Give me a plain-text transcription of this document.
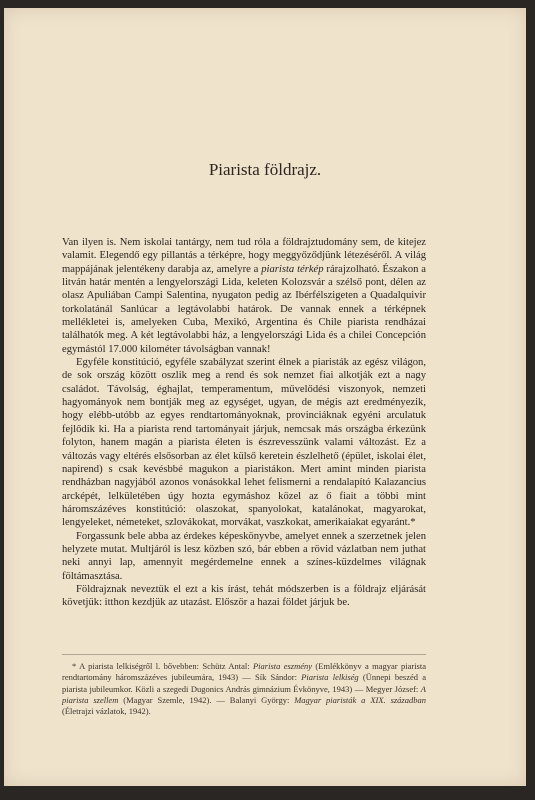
Piarista földrajz.

Van ilyen is. Nem iskolai tantárgy, nem tud róla a földrajztudomány sem, de kitejez valamit. Elegendő egy pillantás a térképre, hogy meggyőződjünk létezéséről. A világ mappájának jelentékeny darabja az, amelyre a piarista térkép rárajzolható. Északon a litván határ mentén a lengyelországi Lida, keleten Kolozsvár a szélső pont, délen az olasz Apuliában Campi Salentina, nyugaton pedig az Ibérfélszigeten a Quadalquivir torkolatánál Sanlúcar a legtávolabbi határok. De vannak ennek a térképnek mellékletei is, amelyeken Cuba, Mexikó, Argentina és Chile piarista rendházai találhatók meg. A két legtávolabbi ház, a lengyelországi Lida és a chilei Concepción egymástól 17.000 kilométer távolságban vannak!

Egyféle konstitúció, egyféle szabályzat szerint élnek a piaristák az egész világon, de sok ország között oszlik meg a rend és sok nemzet fiai alkotják ezt a nagy családot. Távolság, éghajlat, temperamentum, művelődési viszonyok, nemzeti hagyományok nem bontják meg az egységet, ugyan, de mégis azt eredményezik, hogy elébb-utóbb az egyes rendtartományoknak, provinciáknak egyéni arculatuk fejlődik ki. Ha a piarista rend tartományait járjuk, nemcsak más országba érkezünk folyton, hanem magán a piarista életen is észrevesszünk valami változást. Ez a változás vagy eltérés elsősorban az élet külső keretein észlelhető (épület, iskolai élet, napirend) s csak kevésbbé magukon a piaristákon. Mert amint minden piarista rendházban nagyjából azonos vonásokkal lehet felismerni a rendalapító Kalazancius arcképét, lelkületében úgy hozta egymáshoz közel az ő fiait a többi mint háromszázéves konstitúció: olaszokat, spanyolokat, katalánokat, magyarokat, lengyeleket, németeket, szlovákokat, morvákat, vaszkokat, amerikaiakat egyaránt.*

Forgassunk bele abba az érdekes képeskönyvbe, amelyet ennek a szerzetnek jelen helyzete mutat. Multjáról is lesz közben szó, bár ebben a rövid vázlatban nem juthat neki annyi lap, amennyit megérdemelne ennek a színes-küzdelmes világnak föltámasztása.

Földrajznak neveztük el ezt a kis írást, tehát módszerben is a földrajz eljárását követjük: itthon kezdjük az utazást. Először a hazai földet járjuk be.

* A piarista lelkiségről l. bővebben: Schütz Antal: Piarista eszmény (Emlékkönyv a magyar piarista rendtartomány háromszázéves jubileumára, 1943) — Sík Sándor: Piarista lelkiség (Ünnepi beszéd a piarista jubileumkor. Közli a szegedi Dugonics András gimnázium Évkönyve, 1943) — Megyer József: A piarista szellem (Magyar Szemle, 1942). — Balanyi György: Magyar piaristák a XIX. században (Életrajzi vázlatok, 1942).
